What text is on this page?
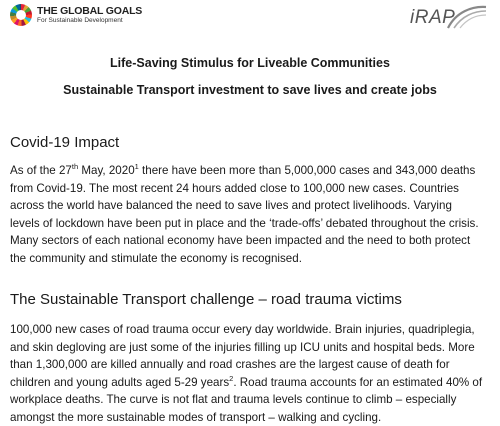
THE GLOBAL GOALS
For Sustainable Development	iRAP
Life-Saving Stimulus for Liveable Communities
Sustainable Transport investment to save lives and create jobs
Covid-19 Impact
As of the 27th May, 2020$^1$ there have been more than 5,000,000 cases and 343,000 deaths
from Covid-19. The most recent 24 hours added close to 100,000 new cases. Countries
across the world have balanced the need to save lives and protect livelihoods. Varying
levels of lockdown have been put in place and the ‘trade-offs’ debated throughout the crisis.
Many sectors of each national economy have been impacted and the need to both protect
the community and stimulate the economy is recognised.
The Sustainable Transport challenge – road trauma victims
100,000 new cases of road trauma occur every day worldwide. Brain injuries, quadriplegia,
and skin degloving are just some of the injuries filling up ICU units and hospital beds. More
than 1,300,000 are killed annually and road crashes are the largest cause of death for
children and young adults aged 5-29 years$^2$. Road trauma accounts for an estimated 40% of
workplace deaths. The curve is not flat and trauma levels continue to climb – especially
amongst the more sustainable modes of transport – walking and cycling.
